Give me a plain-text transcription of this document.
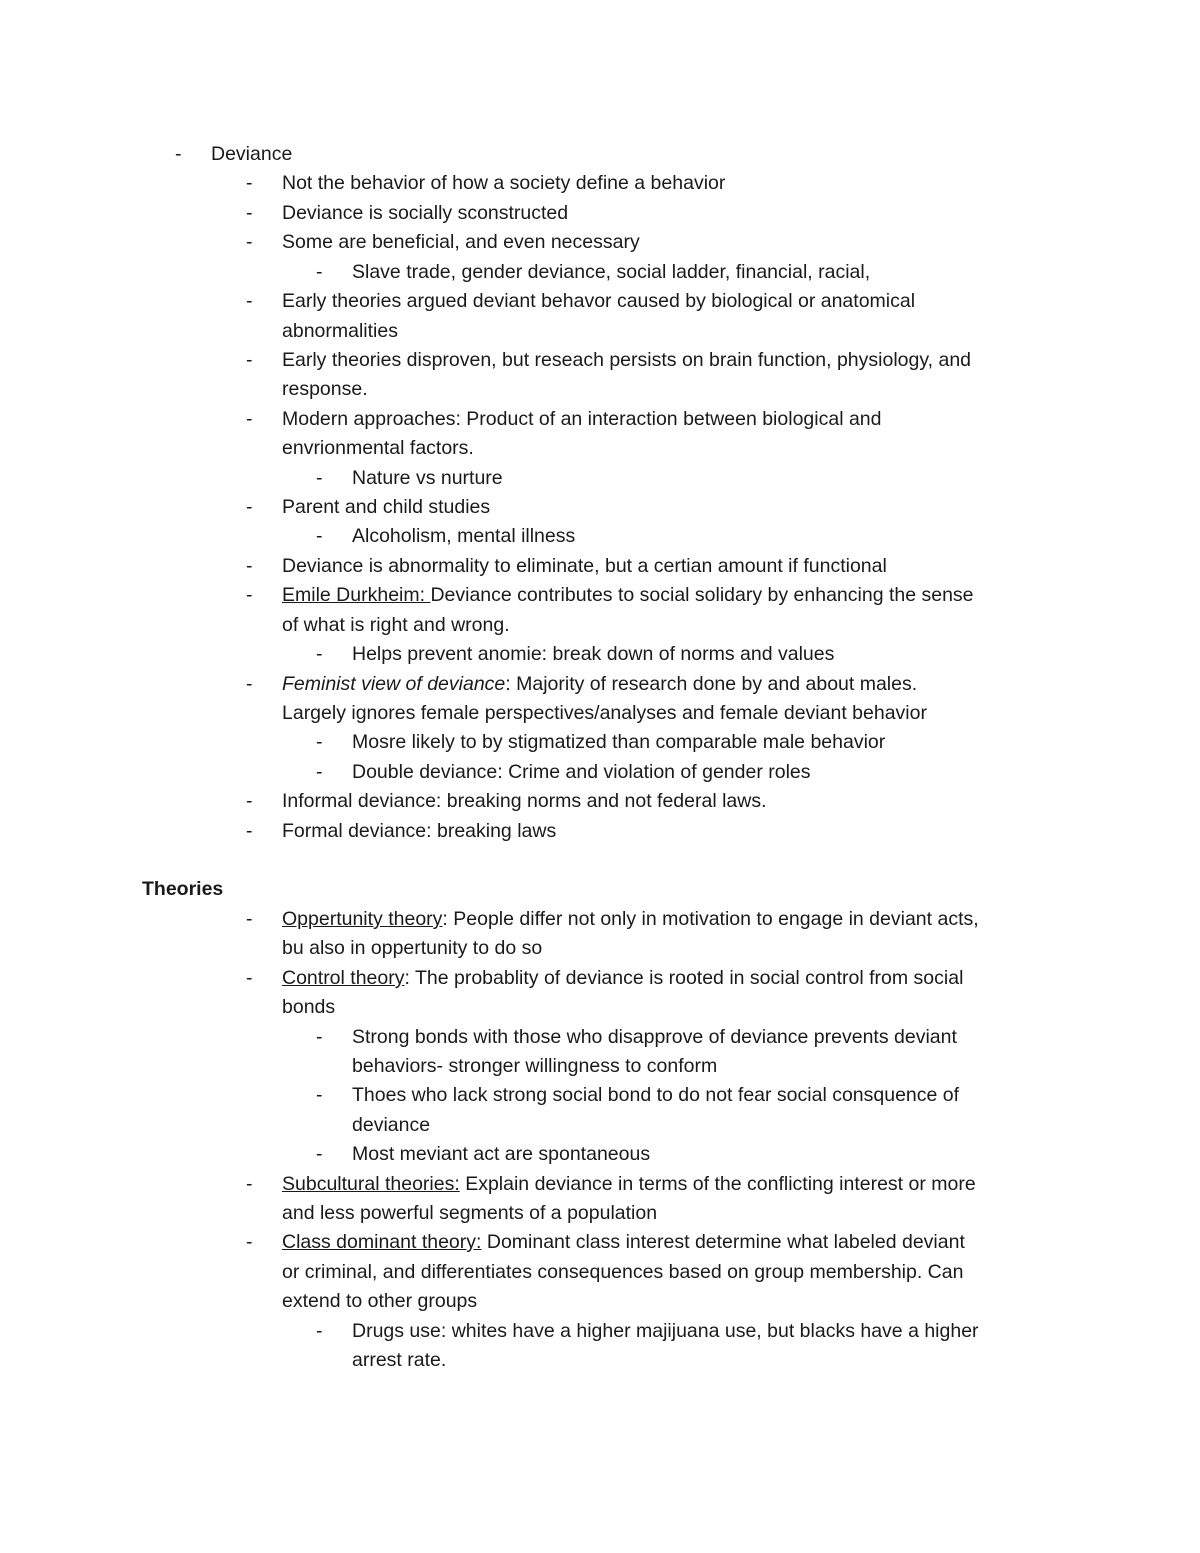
- Deviance
- Not the behavior of how a society define a behavior
- Deviance is socially sconstructed
- Some are beneficial, and even necessary
- Slave trade, gender deviance, social ladder, financial, racial,
- Early theories argued deviant behavor caused by biological or anatomical
abnormalities
- Early theories disproven, but reseach persists on brain function, physiology, and
response.
- Modern approaches: Product of an interaction between biological and
envrionmental factors.
- Nature vs nurture
- Parent and child studies
- Alcoholism, mental illness
- Deviance is abnormality to eliminate, but a certian amount if functional
- Emile Durkheim: Deviance contributes to social solidary by enhancing the sense
of what is right and wrong.
- Helps prevent anomie: break down of norms and values
- Feminist view of deviance: Majority of research done by and about males.
Largely ignores female perspectives/analyses and female deviant behavior
- Mosre likely to by stigmatized than comparable male behavior
- Double deviance: Crime and violation of gender roles
- Informal deviance: breaking norms and not federal laws.
- Formal deviance: breaking laws
Theories
- Oppertunity theory: People differ not only in motivation to engage in deviant acts,
bu also in oppertunity to do so
- Control theory: The probablity of deviance is rooted in social control from social
bonds
- Strong bonds with those who disapprove of deviance prevents deviant
behaviors- stronger willingness to conform
- Thoes who lack strong social bond to do not fear social consquence of
deviance
- Most meviant act are spontaneous
- Subcultural theories: Explain deviance in terms of the conflicting interest or more
and less powerful segments of a population
- Class dominant theory: Dominant class interest determine what labeled deviant
or criminal, and differentiates consequences based on group membership. Can
extend to other groups
- Drugs use: whites have a higher majijuana use, but blacks have a higher
arrest rate.
